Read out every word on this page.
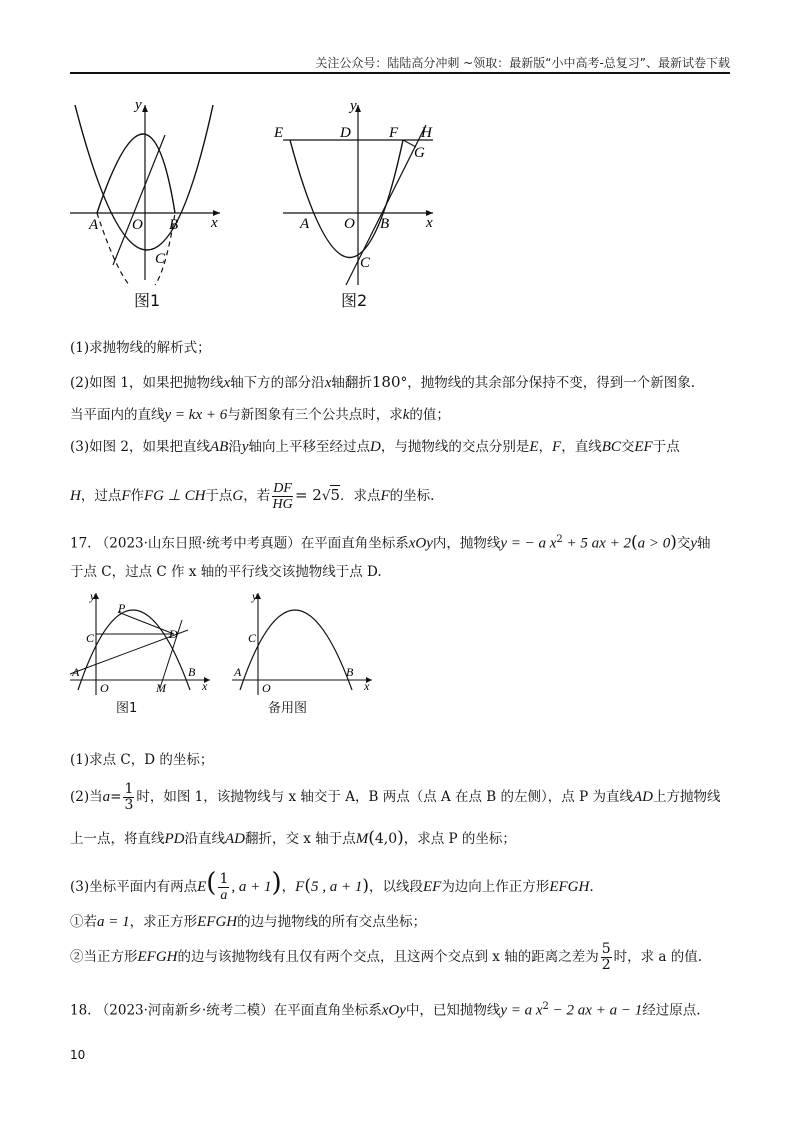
关注公众号：陆陆高分冲刺 ~领取：最新版“小中高考-总复习”、最新试卷下载
y
x
A O B
C
图1
y
x
E	D	F H
G
A O B
C
图2
(1)求抛物线的解析式；
(2)如图 1，如果把抛物线x轴下方的部分沿x轴翻折180°，抛物线的其余部分保持不变，得到一个新图象.
当平面内的直线y = kx + 6与新图象有三个公共点时，求k的值；
(3)如图 2，如果把直线AB沿y轴向上平移至经过点D，与抛物线的交点分别是E，F，直线BC交EF于点
H，过点F作FG ⊥ CH于点G，若 $\frac{DF}{HG} = 2√5$．求点F的坐标.
17. （2023·山东日照·统考中考真题）在平面直角坐标系xOy内，抛物线y = − a $x^2 + 5$ ax + 2(a > 0)交y轴
于点 C，过点 C 作 x 轴的平行线交该抛物线于点 D.
y
x
P
C	D
A
O	M
B
图1
y
x
C
A
O
B
备用图
(1)求点 C，D 的坐标；
(2)当$a= \frac{1}{3}$ 时，如图 1，该抛物线与 x 轴交于 A，B 两点（点 A 在点 B 的左侧），点 P 为直线AD上方抛物线
上一点，将直线PD沿直线AD翻折，交 x 轴于点M(4,0)，求点 P 的坐标；
(3)坐标平面内有两点$E( \frac{1}{a}$ , a + 1)，F(5 , a + 1)，以线段EF为边向上作正方形EFGH.
①若a = 1，求正方形EFGH的边与抛物线的所有交点坐标；
②当正方形EFGH的边与该抛物线有且仅有两个交点，且这两个交点到 x 轴的距离之差为 $\frac{5}{2}$ 时，求 a 的值.
18. （2023·河南新乡·统考二模）在平面直角坐标系xOy中，已知抛物线y = a $x^2 - 2$ ax + a − 1经过原点.
10
